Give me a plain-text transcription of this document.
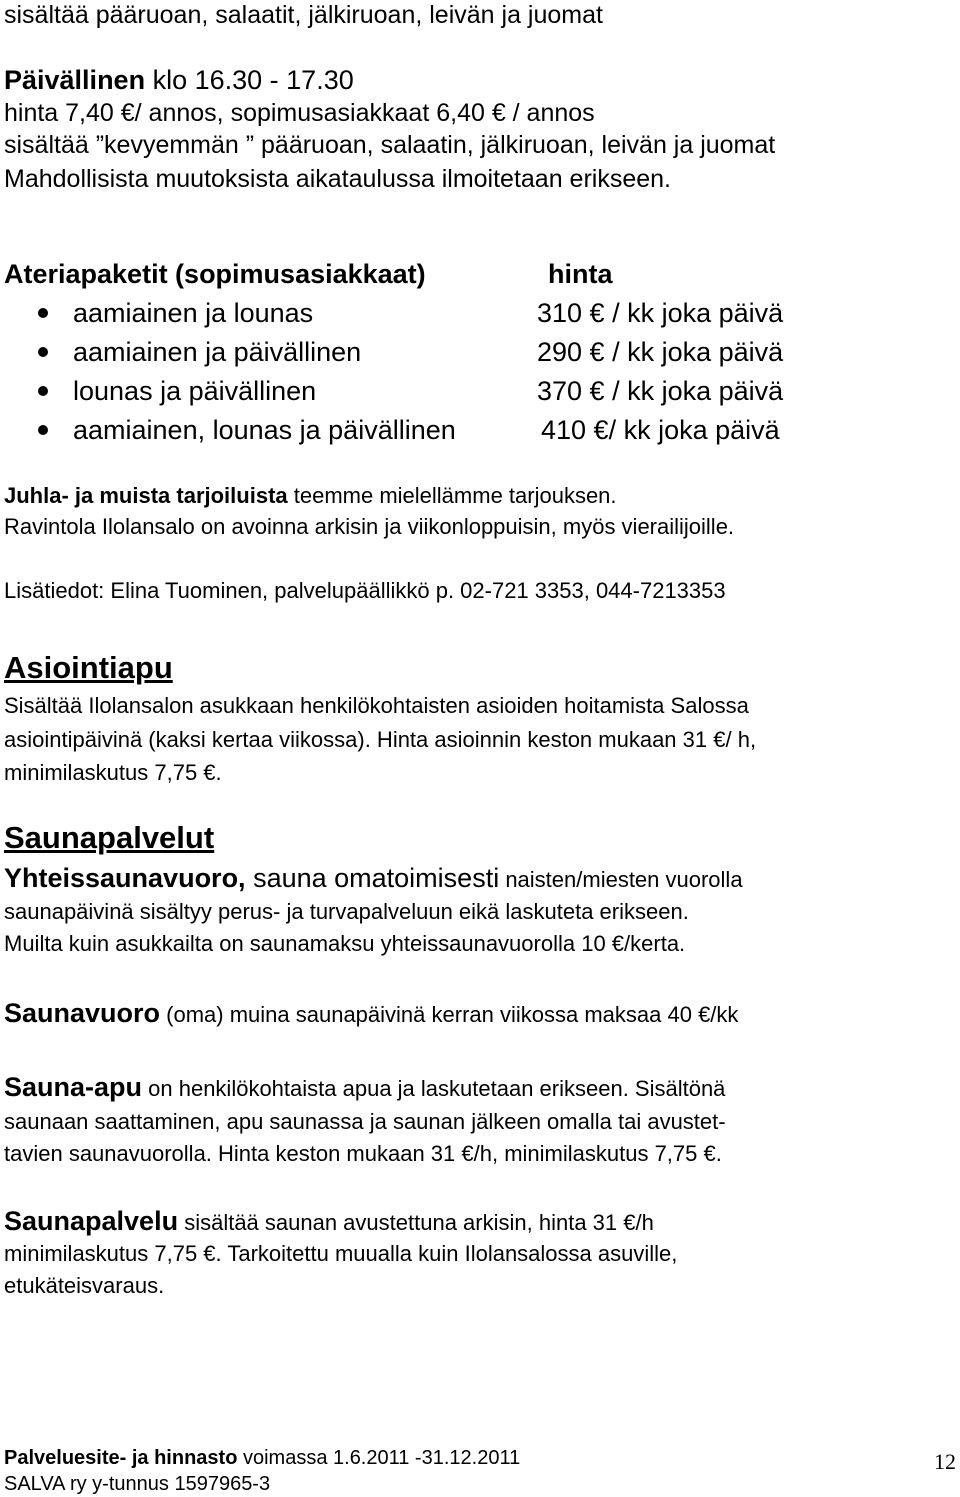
sisältää pääruoan, salaatit, jälkiruoan, leivän ja juomat
Päivällinen klo 16.30 - 17.30
hinta 7,40 €/ annos, sopimusasiakkaat 6,40 € / annos
sisältää ”kevyemmän ” pääruoan, salaatin, jälkiruoan, leivän ja juomat
Mahdollisista muutoksista aikataulussa ilmoitetaan erikseen.
Ateriapaketit (sopimusasiakkaat)	hinta
aamiainen ja lounas	310 € / kk joka päivä
aamiainen ja päivällinen	290 € / kk joka päivä
lounas ja päivällinen	370 € / kk joka päivä
aamiainen, lounas ja päivällinen	410 €/ kk joka päivä
Juhla- ja muista tarjoiluista teemme mielellämme tarjouksen.
Ravintola Ilolansalo on avoinna arkisin ja viikonloppuisin, myös vierailijoille.
Lisätiedot: Elina Tuominen, palvelupäällikkö p. 02-721 3353, 044-7213353
Asiointiapu
Sisältää Ilolansalon asukkaan henkilökohtaisten asioiden hoitamista Salossa
asiointipäivinä (kaksi kertaa viikossa). Hinta asioinnin keston mukaan 31 €/ h,
minimilaskutus 7,75 €.
Saunapalvelut
Yhteissaunavuoro, sauna omatoimisesti naisten/miesten vuorolla
saunapäivinä sisältyy perus- ja turvapalveluun eikä laskuteta erikseen.
Muilta kuin asukkailta on saunamaksu yhteissaunavuorolla 10 €/kerta.
Saunavuoro (oma) muina saunapäivinä kerran viikossa maksaa 40 €/kk
Sauna-apu on henkilökohtaista apua ja laskutetaan erikseen. Sisältönä
saunaan saattaminen, apu saunassa ja saunan jälkeen omalla tai avustet-
tavien saunavuorolla. Hinta keston mukaan 31 €/h, minimilaskutus 7,75 €.
Saunapalvelu sisältää saunan avustettuna arkisin, hinta 31 €/h
minimilaskutus 7,75 €. Tarkoitettu muualla kuin Ilolansalossa asuville,
etukäteisvaraus.
Palveluesite- ja hinnasto voimassa 1.6.2011 -31.12.2011
SALVA ry y-tunnus 1597965-3
12
